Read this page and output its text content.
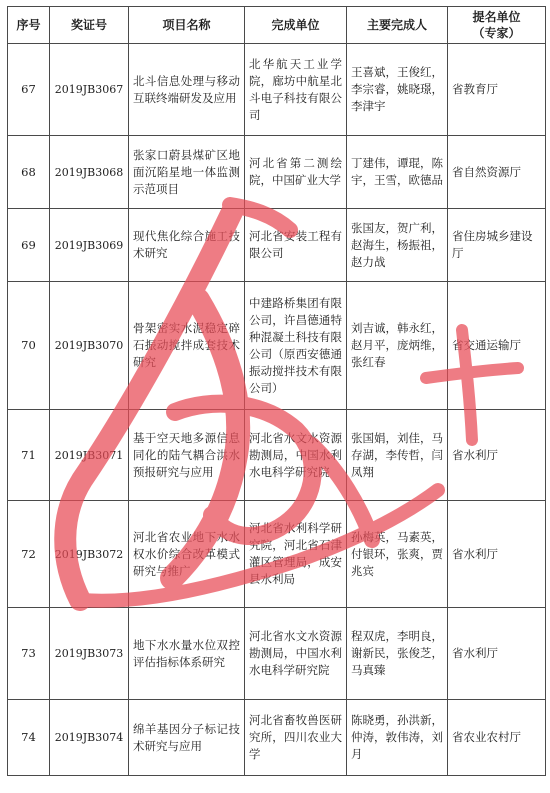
序号	奖证号	项目名称	完成单位	主要完成人	提名单位
（专家）
67	2019JB3067	北斗信息处理与移动互联终端研发及应用	北华航天工业学院，廊坊中航星北斗电子科技有限公司	王喜斌，王俊红，李宗睿，姚晓璟，李津宇	省教育厅
68	2019JB3068	张家口蔚县煤矿区地面沉陷星地一体监测示范项目	河北省第二测绘院，中国矿业大学	丁建伟，谭琨，陈宇，王雪，欧德品	省自然资源厅
69	2019JB3069	现代焦化综合施工技术研究	河北省安装工程有限公司	张国友，贺广利，赵海生，杨振祖，赵力战	省住房城乡建设厅
70	2019JB3070	骨架密实水泥稳定碎石振动搅拌成套技术研究	中建路桥集团有限公司，许昌德通特种混凝土科技有限公司（原西安德通振动搅拌技术有限公司）	刘吉诚，韩永红，赵月平，庞炳维，张红春	省交通运输厅
71	2019JB3071	基于空天地多源信息同化的陆气耦合洪水预报研究与应用	河北省水文水资源勘测局，中国水利水电科学研究院	张国娟，刘佳，马存湖，李传哲，闫凤翔	省水利厅
72	2019JB3072	河北省农业地下水水权水价综合改革模式研究与推广	河北省水利科学研究院，河北省石津灌区管理局，成安县水利局	孙梅英，马素英，付银环，张爽，贾兆宾	省水利厅
73	2019JB3073	地下水水量水位双控评估指标体系研究	河北省水文水资源勘测局，中国水利水电科学研究院	程双虎，李明良，谢新民，张俊芝，马真臻	省水利厅
74	2019JB3074	绵羊基因分子标记技术研究与应用	河北省畜牧兽医研究所，四川农业大学	陈晓勇，孙洪新，仲涛，敦伟涛，刘月	省农业农村厅
